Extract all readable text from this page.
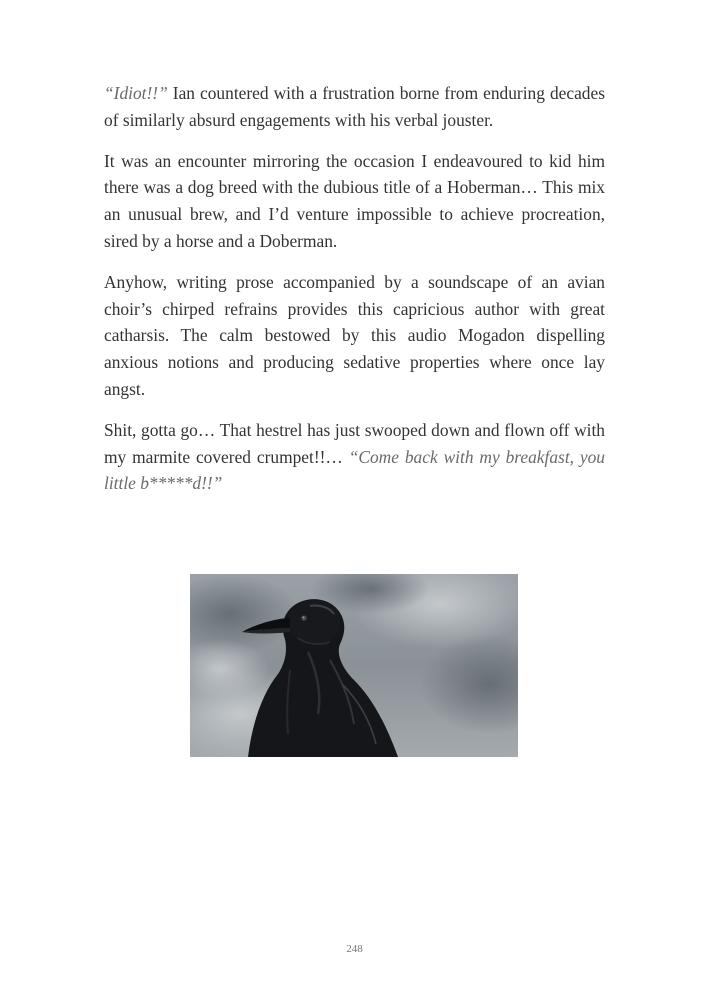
“Idiot!!” Ian countered with a frustration borne from enduring decades of similarly absurd engagements with his verbal jouster.

It was an encounter mirroring the occasion I endeavoured to kid him there was a dog breed with the dubious title of a Hoberman… This mix an unusual brew, and I’d venture impossible to achieve procreation, sired by a horse and a Doberman.

Anyhow, writing prose accompanied by a soundscape of an avian choir’s chirped refrains provides this capricious author with great catharsis. The calm bestowed by this audio Mogadon dispelling anxious notions and producing sedative properties where once lay angst.

Shit, gotta go… That hestrel has just swooped down and flown off with my marmite covered crumpet!!… “Come back with my breakfast, you little b*****d!!”

248
